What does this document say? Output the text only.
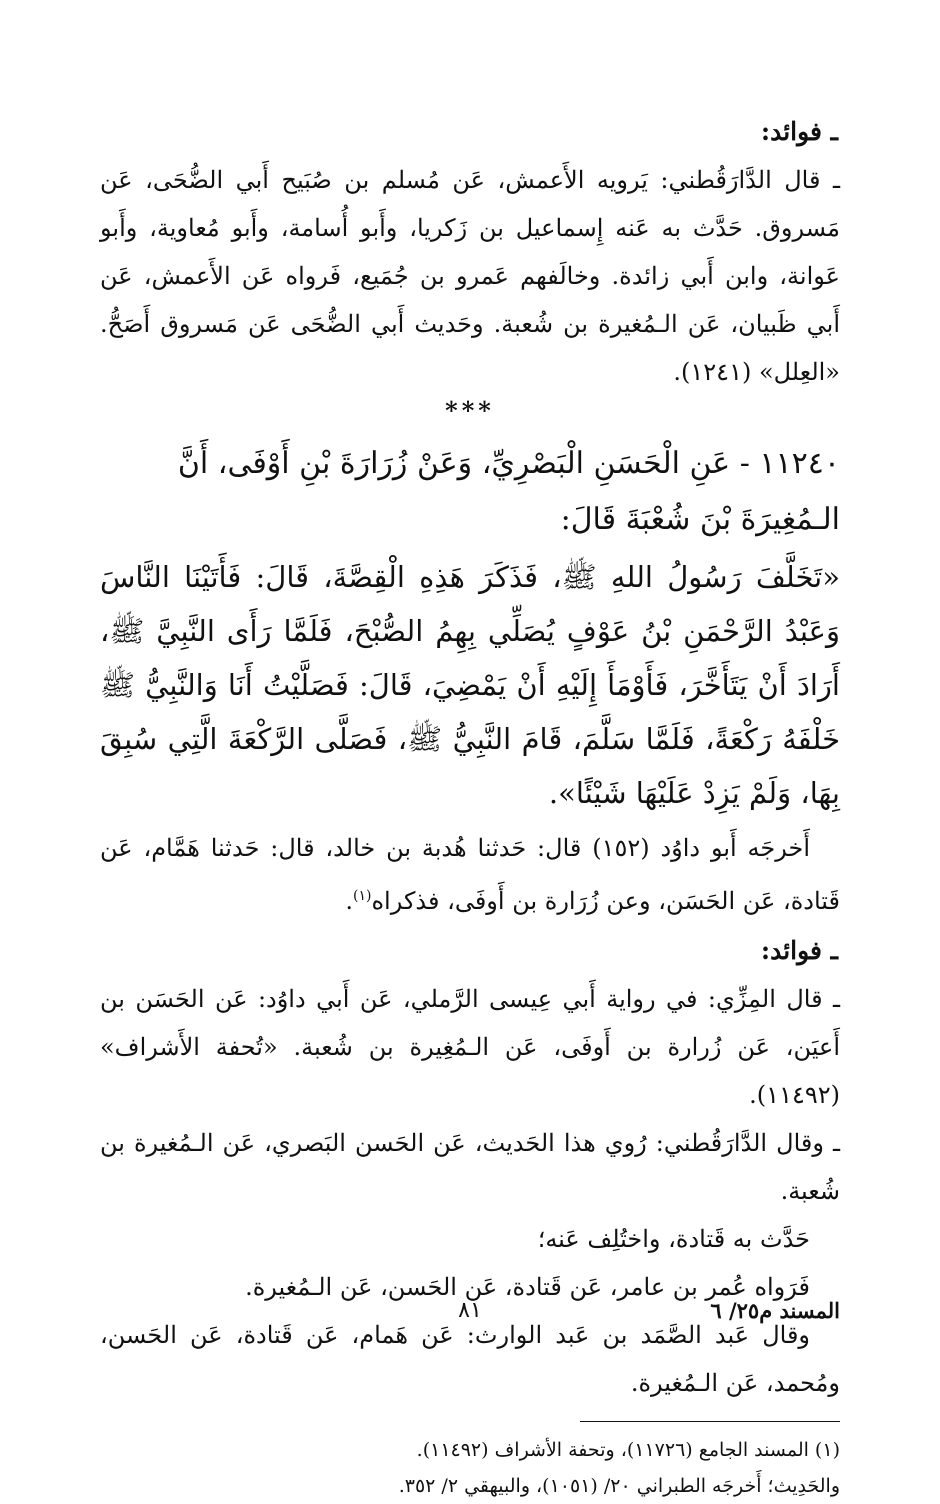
ـ فوائد:

ـ قال الدَّارَقُطني: يَرويه الأَعمش، عَن مُسلم بن صُبَيح أَبي الضُّحَى، عَن مَسروق. حَدَّث به عَنه إِسماعيل بن زَكريا، وأَبو أُسامة، وأَبو مُعاوية، وأَبو عَوانة، وابن أَبي زائدة. وخالَفهم عَمرو بن جُمَيع، فَرواه عَن الأَعمش، عَن أَبي ظَبيان، عَن الـمُغيرة بن شُعبة. وحَديث أَبي الضُّحَى عَن مَسروق أَصَحُّ. «العِلل» (١٢٤١).

***

١١٢٤٠ - عَنِ الْحَسَنِ الْبَصْرِيِّ، وَعَنْ زُرَارَةَ بْنِ أَوْفَى، أَنَّ الـمُغِيرَةَ بْنَ شُعْبَةَ قَالَ:

«تَخَلَّفَ رَسُولُ اللهِ ﷺ، فَذَكَرَ هَذِهِ الْقِصَّةَ، قَالَ: فَأَتَيْنَا النَّاسَ وَعَبْدُ الرَّحْمَنِ بْنُ عَوْفٍ يُصَلِّي بِهِمُ الصُّبْحَ، فَلَمَّا رَأَى النَّبِيَّ ﷺ، أَرَادَ أَنْ يَتَأَخَّرَ، فَأَوْمَأَ إِلَيْهِ أَنْ يَمْضِيَ، قَالَ: فَصَلَّيْتُ أَنَا وَالنَّبِيُّ ﷺ خَلْفَهُ رَكْعَةً، فَلَمَّا سَلَّمَ، قَامَ النَّبِيُّ ﷺ، فَصَلَّى الرَّكْعَةَ الَّتِي سُبِقَ بِهَا، وَلَمْ يَزِدْ عَلَيْهَا شَيْئًا».

أَخرجَه أَبو داوُد (١٥٢) قال: حَدثنا هُدبة بن خالد، قال: حَدثنا هَمَّام، عَن قَتادة، عَن الحَسَن، وعن زُرَارة بن أَوفَى، فذكراه$^{(١)}$.

ـ فوائد:

ـ قال المِزِّي: في رواية أَبي عِيسى الرَّملي، عَن أَبي داوُد: عَن الحَسَن بن أَعيَن، عَن زُرارة بن أَوفَى، عَن الـمُغِيرة بن شُعبة. «تُحفة الأَشراف» (١١٤٩٢).

ـ وقال الدَّارَقُطني: رُوي هذا الحَديث، عَن الحَسن البَصري، عَن الـمُغيرة بن شُعبة.

حَدَّث به قَتادة، واختُلِف عَنه؛

فَرَواه عُمر بن عامر، عَن قَتادة، عَن الحَسن، عَن الـمُغيرة.

وقال عَبد الصَّمَد بن عَبد الوارث: عَن هَمام، عَن قَتادة، عَن الحَسن، ومُحمد، عَن الـمُغيرة.

(١) المسند الجامع (١١٧٢٦)، وتحفة الأشراف (١١٤٩٢).
والحَدِيث؛ أَخرجَه الطبراني ٢٠/ (١٠٥١)، والبيهقي ٢/ ٣٥٢.
المسند م٢٥/ ٦
٨١
